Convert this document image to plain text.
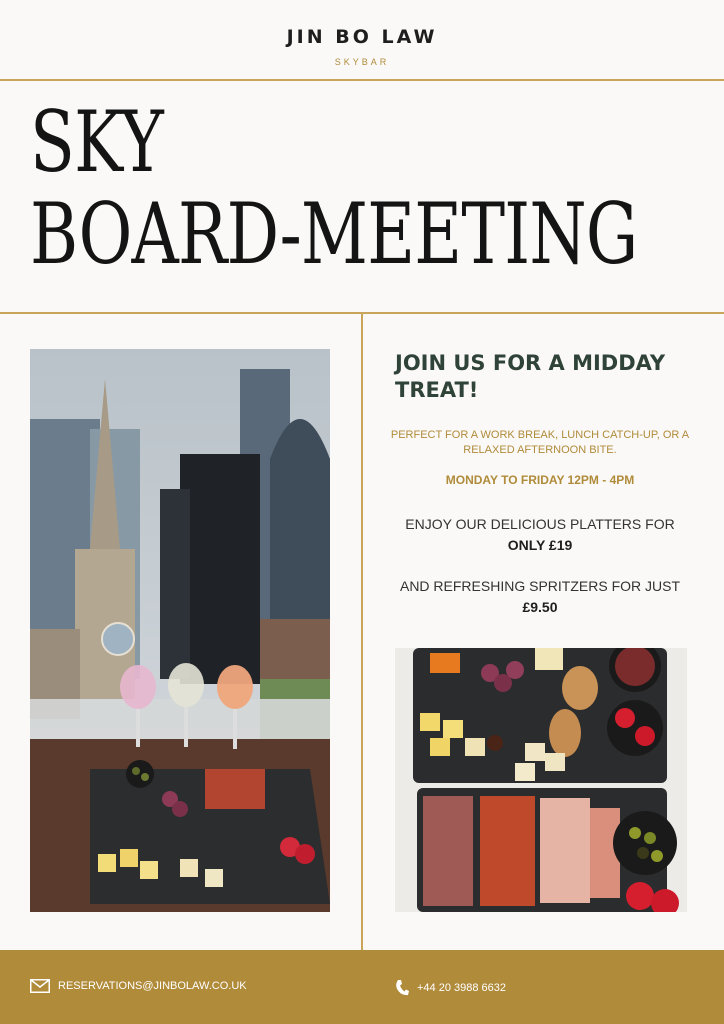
JIN BO LAW
SKYBAR
SKY
BOARD-MEETING
JOIN US FOR A MIDDAY TREAT!
PERFECT FOR A WORK BREAK, LUNCH CATCH-UP, OR A RELAXED AFTERNOON BITE.
MONDAY TO FRIDAY 12PM - 4PM
ENJOY OUR DELICIOUS PLATTERS FOR
ONLY £19
AND REFRESHING SPRITZERS FOR JUST
£9.50
RESERVATIONS@JINBOLAW.CO.UK	+44 20 3988 6632
